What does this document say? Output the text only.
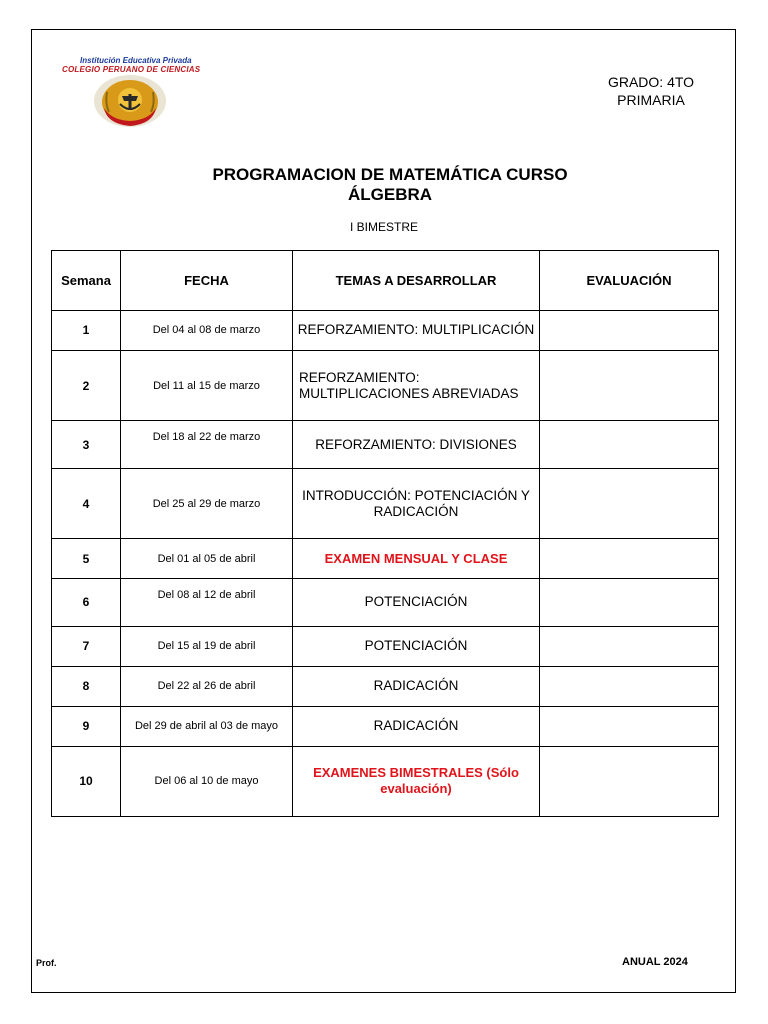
Institución Educativa Privada
COLEGIO PERUANO DE CIENCIAS
GRADO: 4TO
PRIMARIA
PROGRAMACION DE MATEMÁTICA CURSO
ÁLGEBRA
I BIMESTRE
Semana	FECHA	TEMAS A DESARROLLAR	EVALUACIÓN
1	Del 04 al 08 de marzo	REFORZAMIENTO: MULTIPLICACIÓN	
2	Del 11 al 15 de marzo	REFORZAMIENTO: MULTIPLICACIONES ABREVIADAS	
3	Del 18 al 22 de marzo	REFORZAMIENTO: DIVISIONES	
4	Del 25 al 29 de marzo	INTRODUCCIÓN: POTENCIACIÓN Y RADICACIÓN	
5	Del 01 al 05 de abril	EXAMEN MENSUAL Y CLASE	
6	Del 08 al 12 de abril	POTENCIACIÓN	
7	Del 15 al 19 de abril	POTENCIACIÓN	
8	Del 22 al 26 de abril	RADICACIÓN	
9	Del 29 de abril al 03 de mayo	RADICACIÓN	
10	Del 06 al 10 de mayo	EXAMENES BIMESTRALES (Sólo evaluación)	
Prof.	ANUAL 2024
